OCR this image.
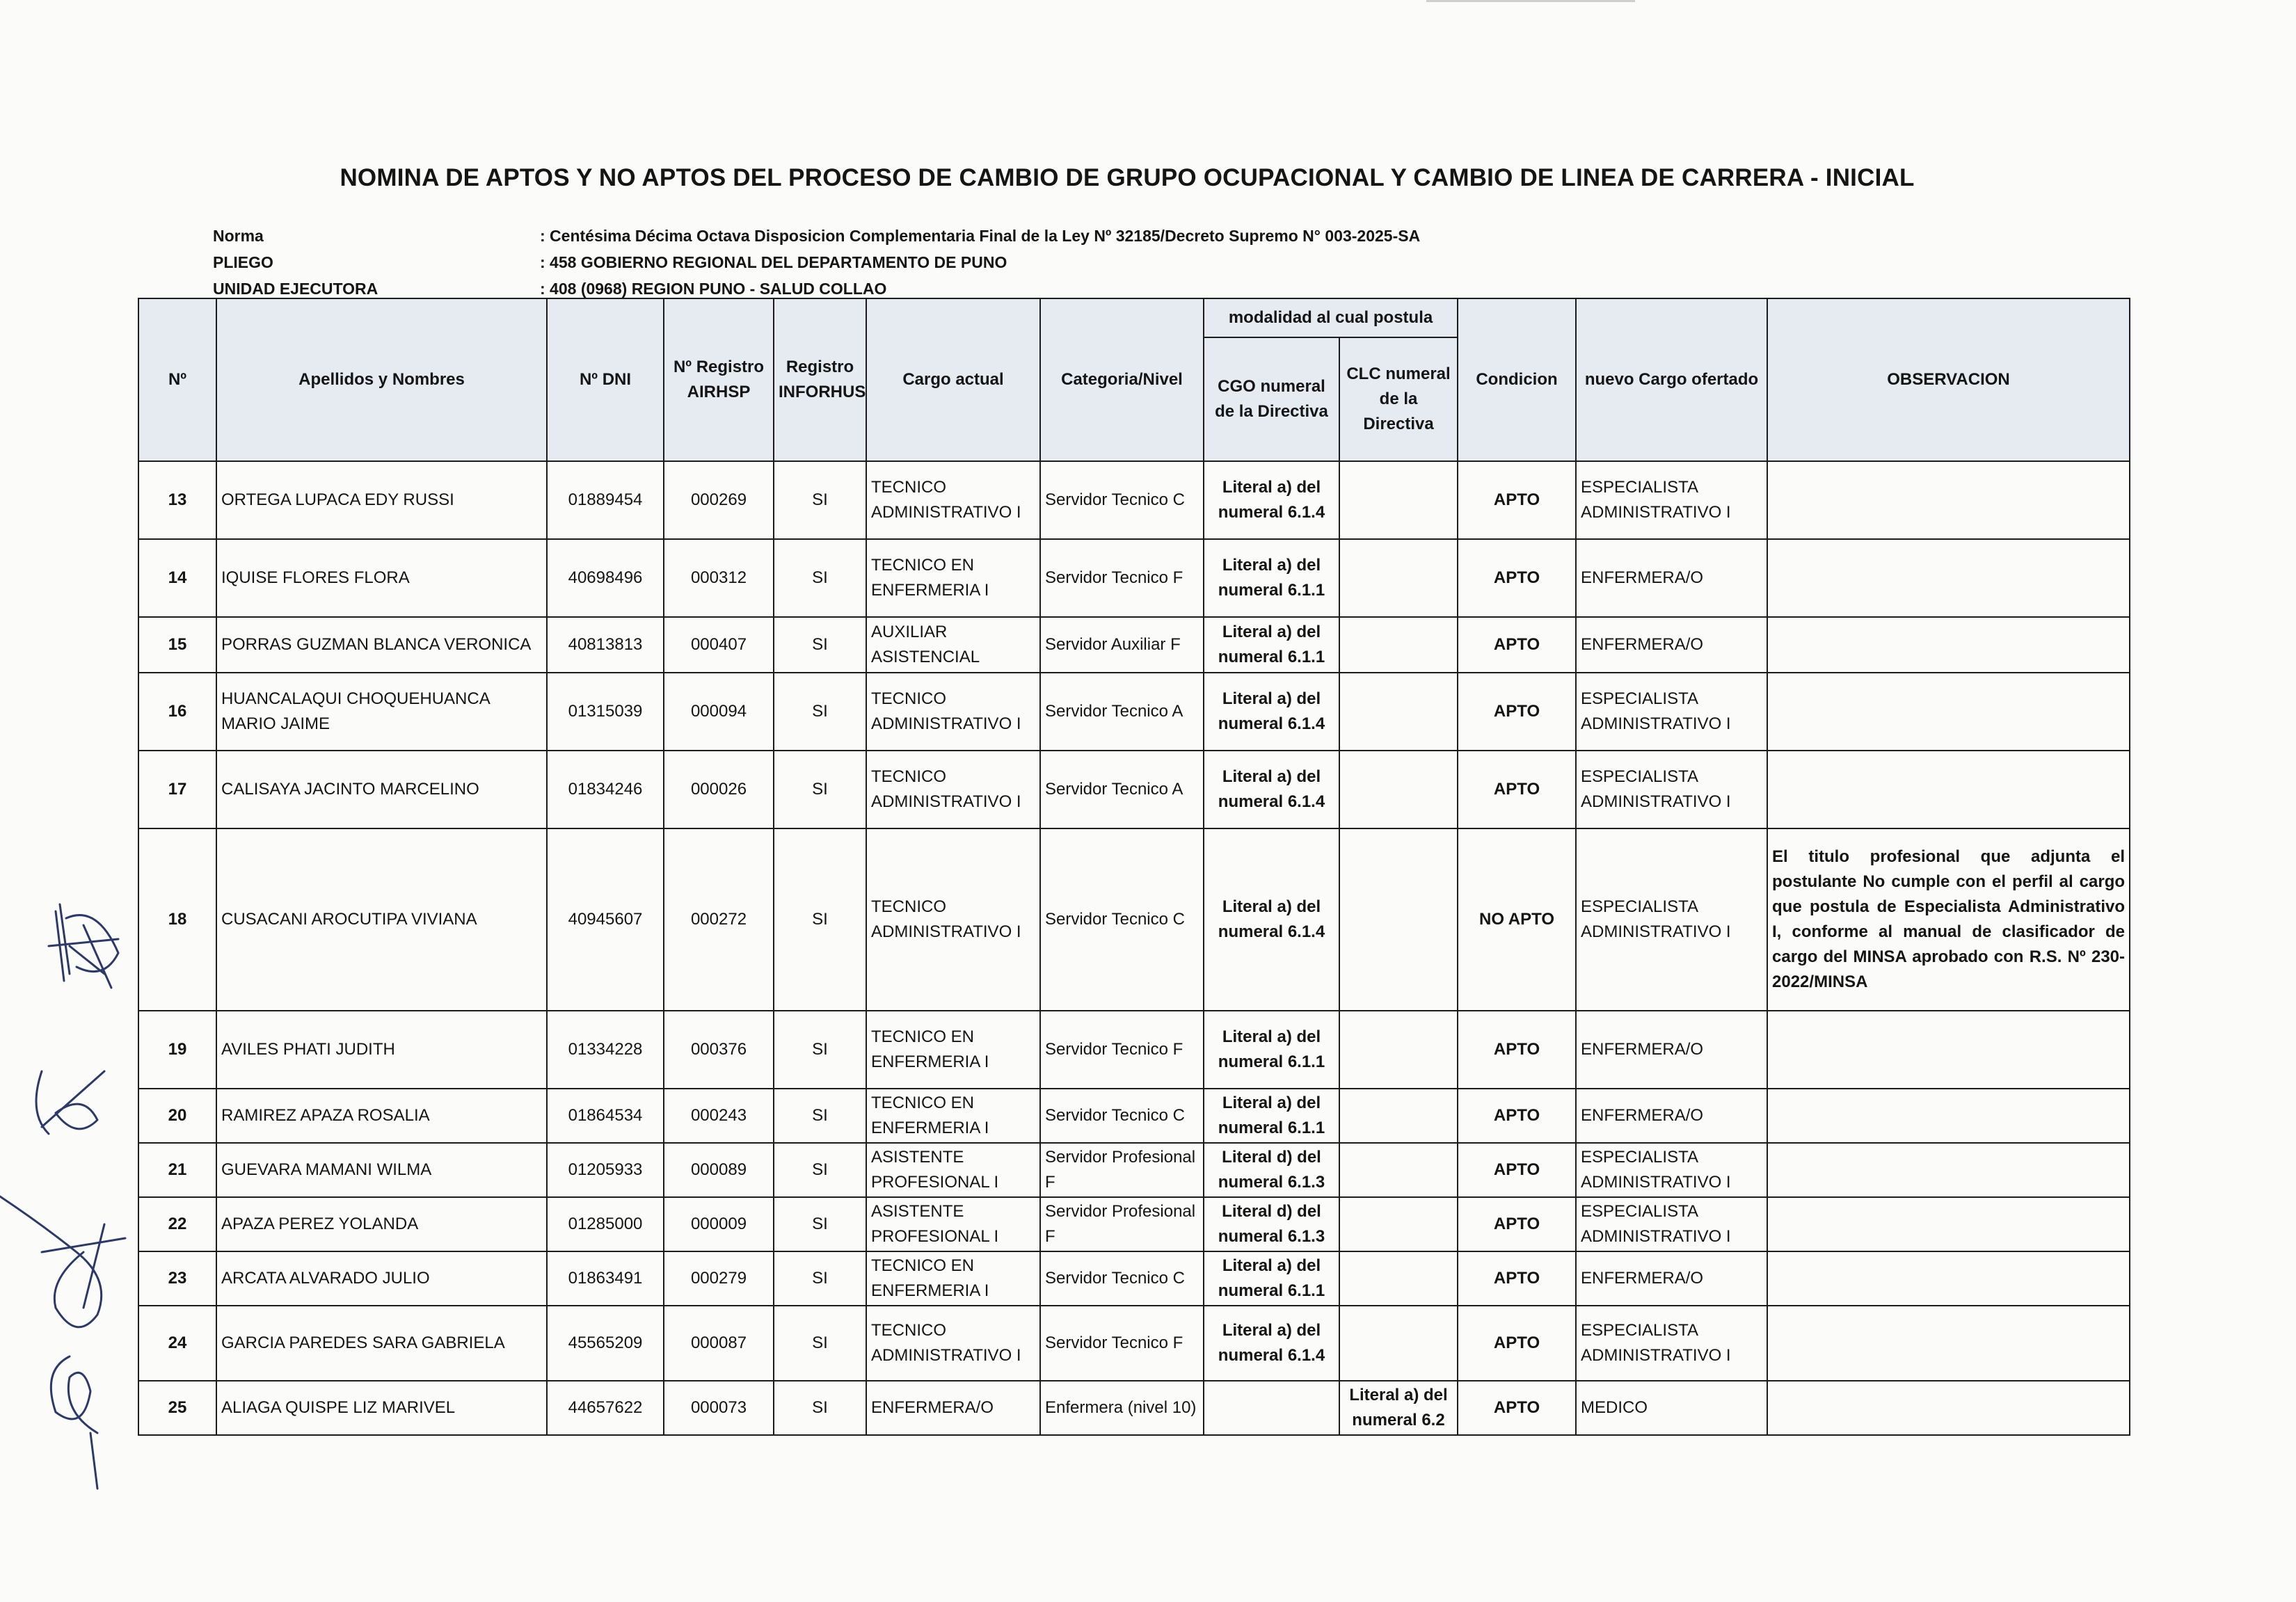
NOMINA DE APTOS Y NO APTOS DEL PROCESO DE CAMBIO DE GRUPO OCUPACIONAL Y CAMBIO DE LINEA DE CARRERA - INICIAL
Norma	: Centésima Décima Octava Disposicion Complementaria Final de la Ley Nº 32185/Decreto Supremo N° 003-2025-SA
PLIEGO	: 458 GOBIERNO REGIONAL DEL DEPARTAMENTO DE PUNO
UNIDAD EJECUTORA	: 408 (0968) REGION PUNO - SALUD COLLAO
Nº	Apellidos y Nombres	Nº DNI	Nº Registro AIRHSP	Registro INFORHUS	Cargo actual	Categoria/Nivel	modalidad al cual postula		Condicion	nuevo Cargo ofertado	OBSERVACION
							CGO numeral de la Directiva	CLC numeral de la Directiva			
13	ORTEGA LUPACA EDY RUSSI	01889454	000269	SI	TECNICO ADMINISTRATIVO I	Servidor Tecnico C	Literal a) del numeral 6.1.4		APTO	ESPECIALISTA ADMINISTRATIVO I	
14	IQUISE FLORES FLORA	40698496	000312	SI	TECNICO EN ENFERMERIA I	Servidor Tecnico F	Literal a) del numeral 6.1.1		APTO	ENFERMERA/O	
15	PORRAS GUZMAN BLANCA VERONICA	40813813	000407	SI	AUXILIAR ASISTENCIAL	Servidor Auxiliar F	Literal a) del numeral 6.1.1		APTO	ENFERMERA/O	
16	HUANCALAQUI CHOQUEHUANCA MARIO JAIME	01315039	000094	SI	TECNICO ADMINISTRATIVO I	Servidor Tecnico A	Literal a) del numeral 6.1.4		APTO	ESPECIALISTA ADMINISTRATIVO I	
17	CALISAYA JACINTO MARCELINO	01834246	000026	SI	TECNICO ADMINISTRATIVO I	Servidor Tecnico A	Literal a) del numeral 6.1.4		APTO	ESPECIALISTA ADMINISTRATIVO I	
18	CUSACANI AROCUTIPA VIVIANA	40945607	000272	SI	TECNICO ADMINISTRATIVO I	Servidor Tecnico C	Literal a) del numeral 6.1.4		NO APTO	ESPECIALISTA ADMINISTRATIVO I	El titulo profesional que adjunta el postulante No cumple con el perfil al cargo que postula de Especialista Administrativo I, conforme al manual de clasificador de cargo del MINSA aprobado con R.S. Nº 230-2022/MINSA
19	AVILES PHATI JUDITH	01334228	000376	SI	TECNICO EN ENFERMERIA I	Servidor Tecnico F	Literal a) del numeral 6.1.1		APTO	ENFERMERA/O	
20	RAMIREZ APAZA ROSALIA	01864534	000243	SI	TECNICO EN ENFERMERIA I	Servidor Tecnico C	Literal a) del numeral 6.1.1		APTO	ENFERMERA/O	
21	GUEVARA MAMANI WILMA	01205933	000089	SI	ASISTENTE PROFESIONAL I	Servidor Profesional F	Literal d) del numeral 6.1.3		APTO	ESPECIALISTA ADMINISTRATIVO I	
22	APAZA PEREZ YOLANDA	01285000	000009	SI	ASISTENTE PROFESIONAL I	Servidor Profesional F	Literal d) del numeral 6.1.3		APTO	ESPECIALISTA ADMINISTRATIVO I	
23	ARCATA ALVARADO JULIO	01863491	000279	SI	TECNICO EN ENFERMERIA I	Servidor Tecnico C	Literal a) del numeral 6.1.1		APTO	ENFERMERA/O	
24	GARCIA PAREDES SARA GABRIELA	45565209	000087	SI	TECNICO ADMINISTRATIVO I	Servidor Tecnico F	Literal a) del numeral 6.1.4		APTO	ESPECIALISTA ADMINISTRATIVO I	
25	ALIAGA QUISPE LIZ MARIVEL	44657622	000073	SI	ENFERMERA/O	Enfermera (nivel 10)		Literal a) del numeral 6.2	APTO	MEDICO	
